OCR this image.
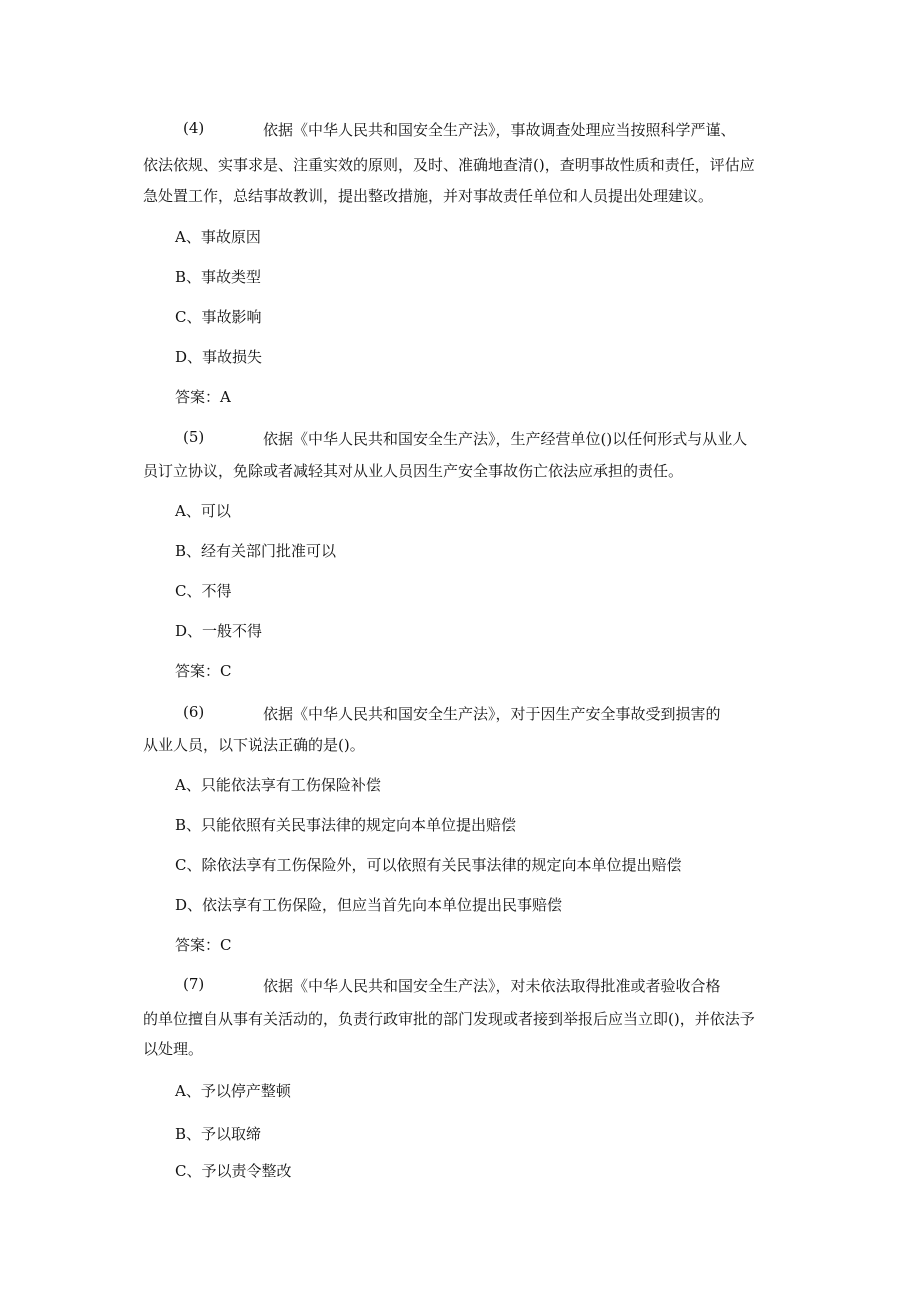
(4)	依据《中华人民共和国安全生产法》，事故调查处理应当按照科学严谨、
依法依规、实事求是、注重实效的原则，及时、准确地查清()，查明事故性质和责任，评估应
急处置工作，总结事故教训，提出整改措施，并对事故责任单位和人员提出处理建议。
A、事故原因
B、事故类型
C、事故影响
D、事故损失
答案：A
(5)	依据《中华人民共和国安全生产法》，生产经营单位()以任何形式与从业人
员订立协议，免除或者减轻其对从业人员因生产安全事故伤亡依法应承担的责任。
A、可以
B、经有关部门批准可以
C、不得
D、一般不得
答案：C
(6)	依据《中华人民共和国安全生产法》，对于因生产安全事故受到损害的
从业人员，以下说法正确的是()。
A、只能依法享有工伤保险补偿
B、只能依照有关民事法律的规定向本单位提出赔偿
C、除依法享有工伤保险外，可以依照有关民事法律的规定向本单位提出赔偿
D、依法享有工伤保险，但应当首先向本单位提出民事赔偿
答案：C
(7)	依据《中华人民共和国安全生产法》，对未依法取得批准或者验收合格
的单位擅自从事有关活动的，负责行政审批的部门发现或者接到举报后应当立即()，并依法予
以处理。
A、予以停产整顿
B、予以取缔
C、予以责令整改
